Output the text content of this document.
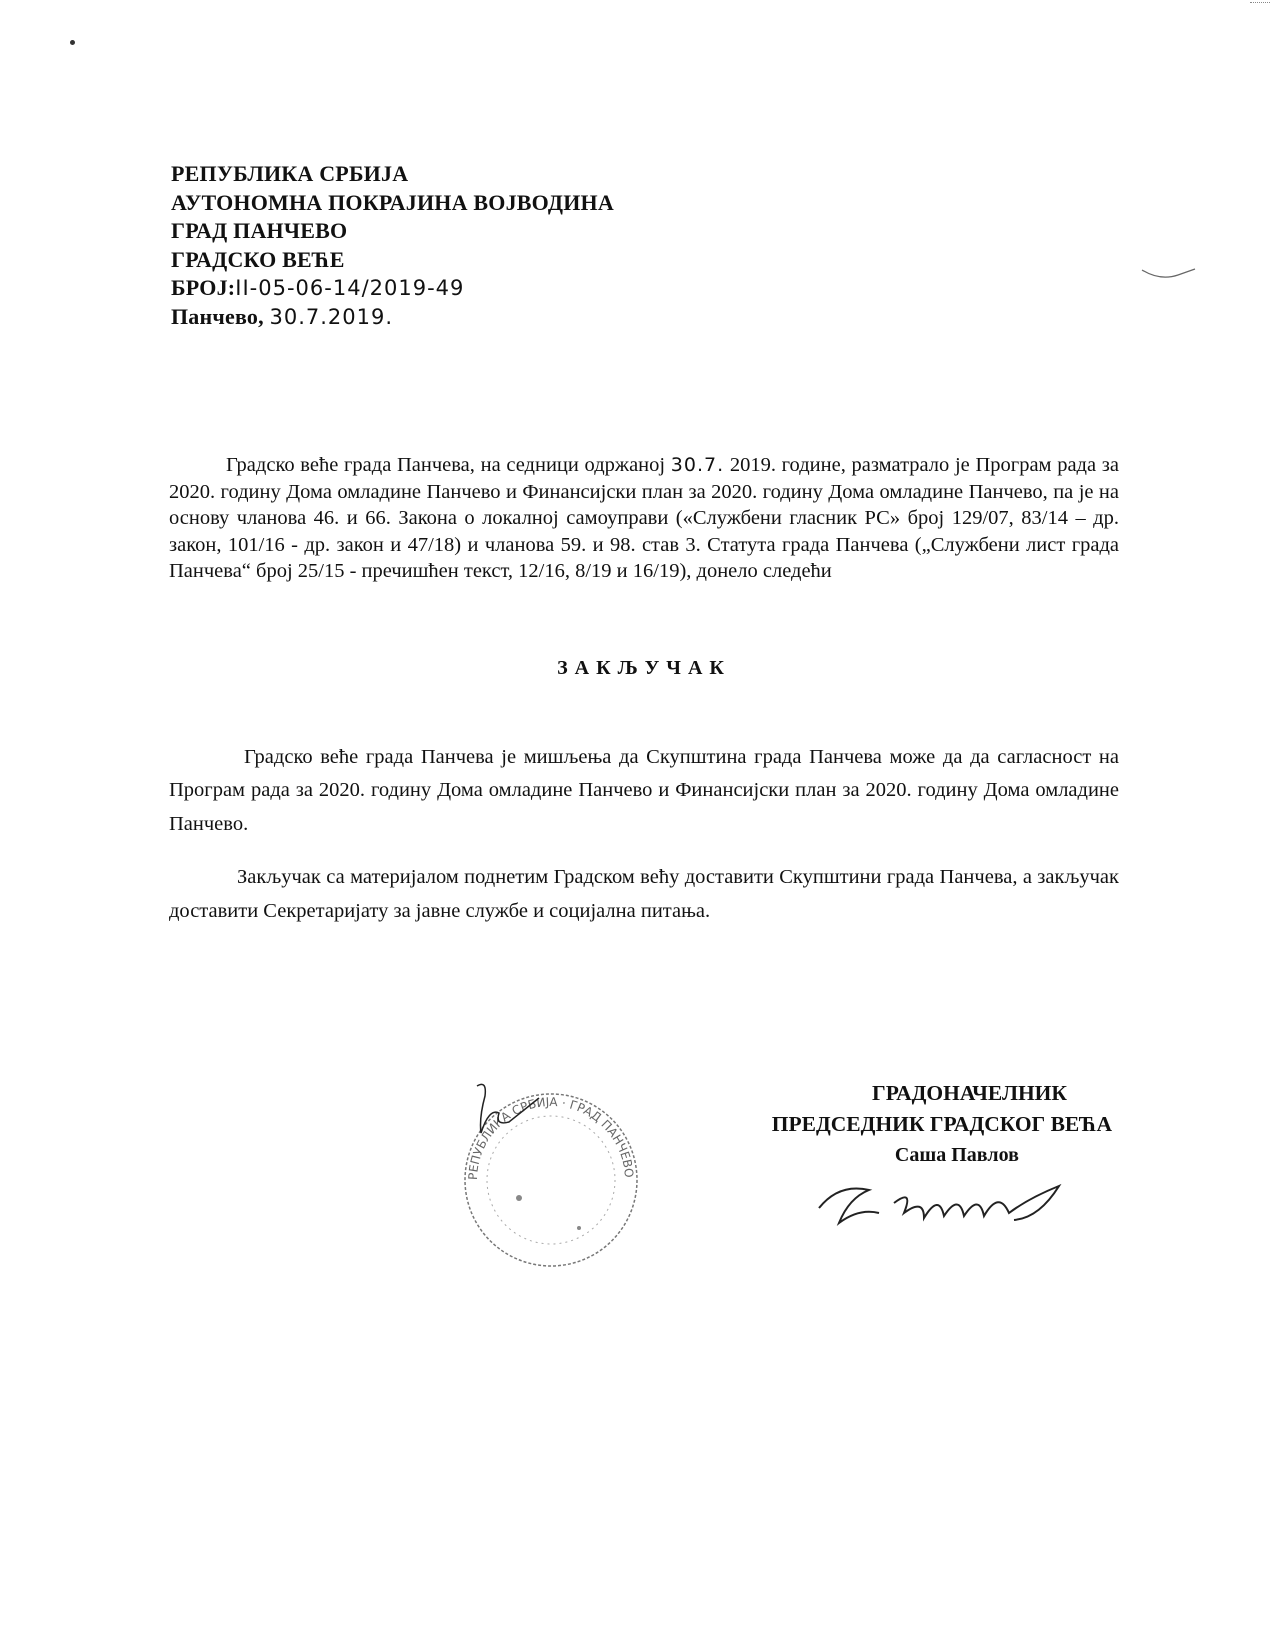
РЕПУБЛИКА СРБИЈА
АУТОНОМНА ПОКРАЈИНА ВОЈВОДИНА
ГРАД ПАНЧЕВО
ГРАДСКО ВЕЋЕ
БРОЈ:II-05-06-14/2019-49
Панчево, 30.7.2019.

Градско веће града Панчева, на седници одржаној 30.7. 2019. године, разматрало је Програм рада за 2020. годину Дома омладине Панчево и Финансијски план за 2020. годину Дома омладине Панчево, па је на основу чланова 46. и 66. Закона о локалној самоуправи («Службени гласник РС» број 129/07, 83/14 – др. закон, 101/16 - др. закон и 47/18) и чланова 59. и 98. став 3. Статута града Панчева („Службени лист града Панчева“ број 25/15 - пречишћен текст, 12/16, 8/19 и 16/19), донело следећи

ЗАКЉУЧАК

Градско веће града Панчева је мишљења да Скупштина града Панчева може да да сагласност на Програм рада за 2020. годину Дома омладине Панчево и Финансијски план за 2020. годину Дома омладине Панчево.

Закључак са материјалом поднетим Градском већу доставити Скупштини града Панчева, а закључак доставити Секретаријату за јавне службе и социјална питања.

РЕПУБЛИКА СРБИЈА · ГРАД ПАНЧЕВО
ГРАДОНАЧЕЛНИК
ПРЕДСЕДНИК ГРАДСКОГ ВЕЋА
Саша Павлов
